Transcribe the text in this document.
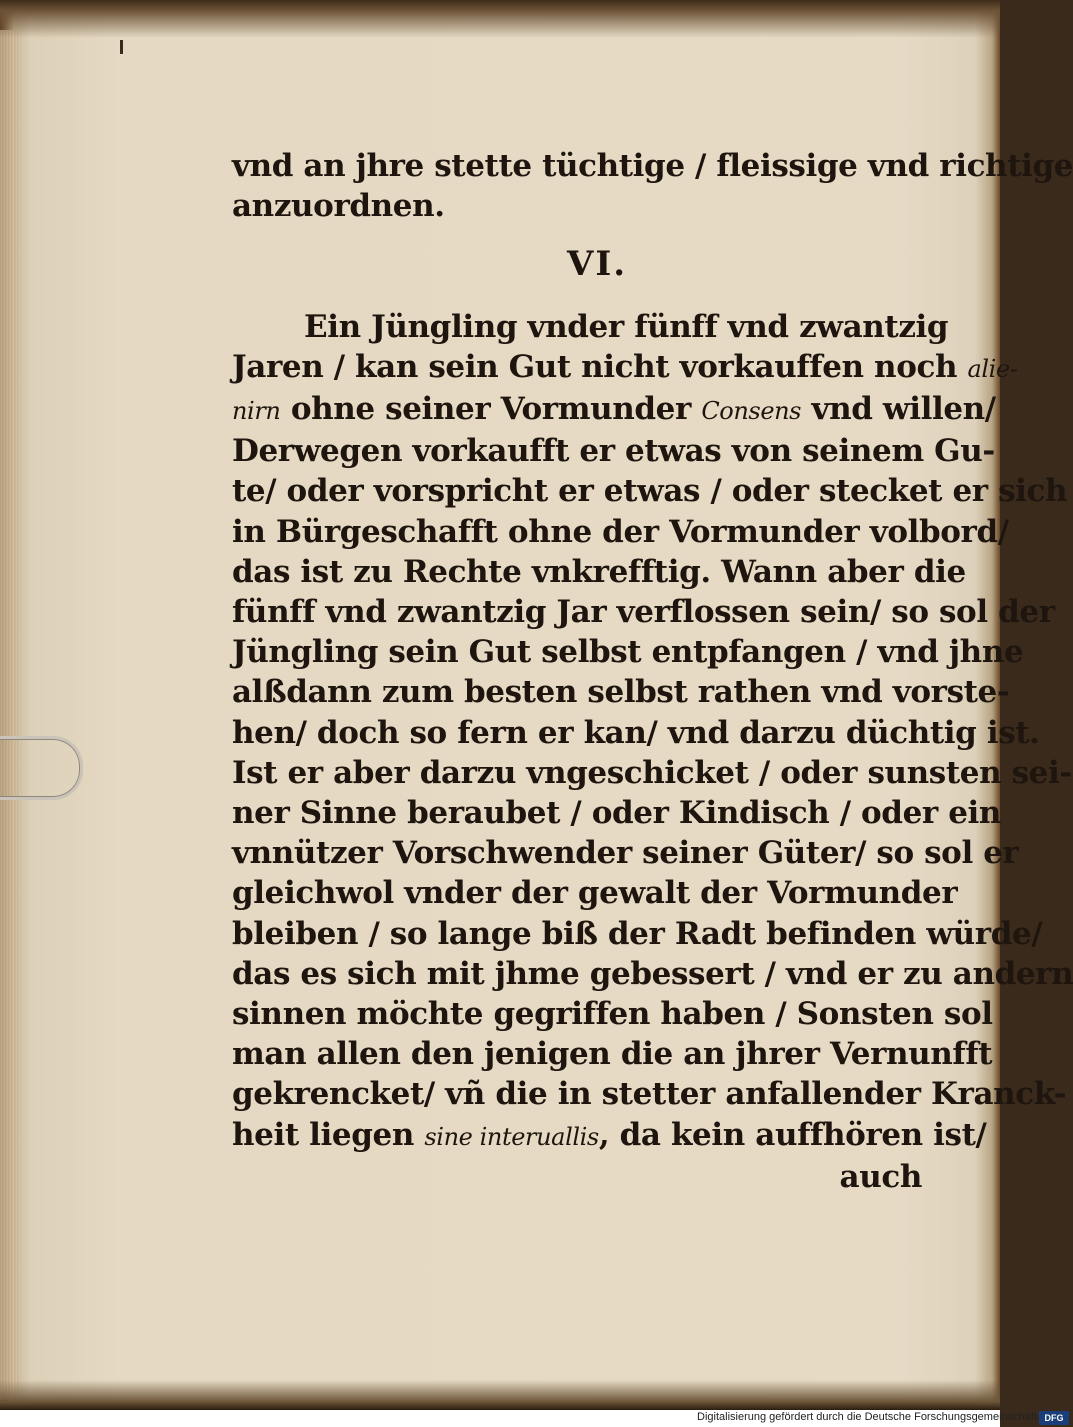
vnd an jhre stette tüchtige / fleissige vnd richtige
anzuordnen.
VI.
Ein Jüngling vnder fünff vnd zwantzig
Jaren / kan sein Gut nicht vorkauffen noch alie-
nirn ohne seiner Vormunder Consens vnd willen/
Derwegen vorkaufft er etwas von seinem Gu-
te/ oder vorspricht er etwas / oder stecket er sich
in Bürgeschafft ohne der Vormunder volbord/
das ist zu Rechte vnkrefftig. Wann aber die
fünff vnd zwantzig Jar verflossen sein/ so sol der
Jüngling sein Gut selbst entpfangen / vnd jhne
alßdann zum besten selbst rathen vnd vorste-
hen/ doch so fern er kan/ vnd darzu düchtig ist.
Ist er aber darzu vngeschicket / oder sunsten sei-
ner Sinne beraubet / oder Kindisch / oder ein
vnnützer Vorschwender seiner Güter/ so sol er
gleichwol vnder der gewalt der Vormunder
bleiben / so lange biß der Radt befinden würde/
das es sich mit jhme gebessert / vnd er zu andern
sinnen möchte gegriffen haben / Sonsten sol
man allen den jenigen die an jhrer Vernunfft
gekrencket/ vñ die in stetter anfallender Kranck-
heit liegen sine interuallis, da kein auffhören ist/
auch
Digitalisierung gefördert durch die Deutsche Forschungsgemeinschaft DFG
